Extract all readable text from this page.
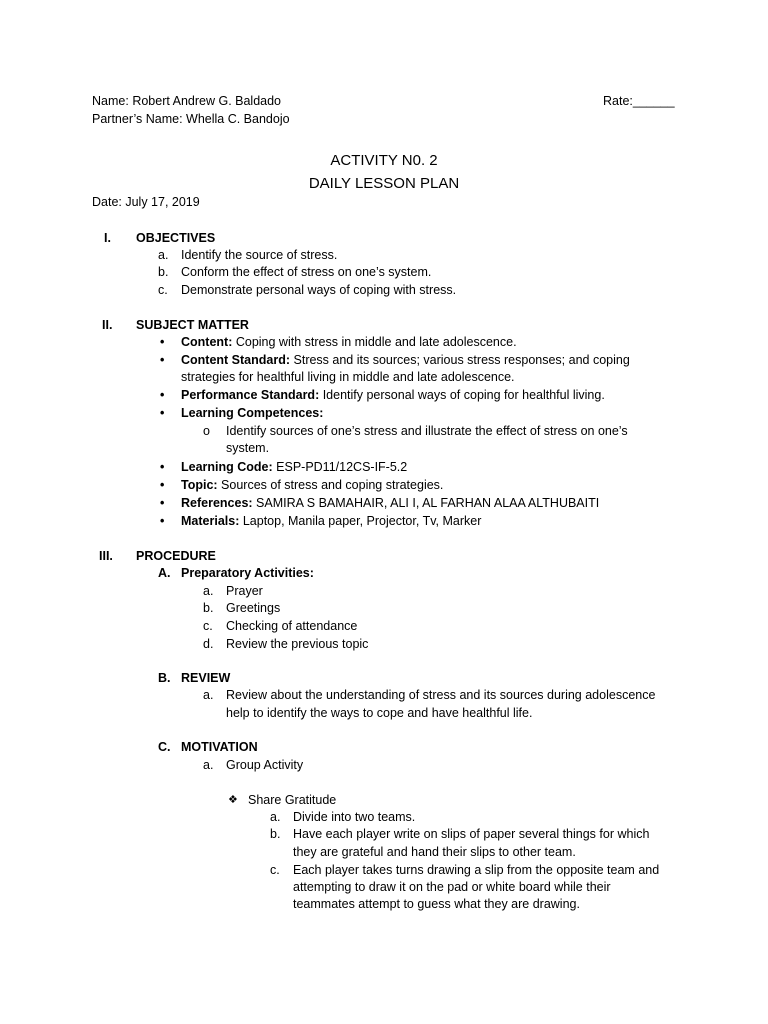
Name: Robert Andrew G. Baldado
Partner’s Name: Whella C. Bandojo
Rate:______
ACTIVITY N0. 2
DAILY LESSON PLAN
Date: July 17, 2019
I. OBJECTIVES
a. Identify the source of stress.
b. Conform the effect of stress on one’s system.
c. Demonstrate personal ways of coping with stress.
II. SUBJECT MATTER
• Content: Coping with stress in middle and late adolescence.
• Content Standard: Stress and its sources; various stress responses; and coping
strategies for healthful living in middle and late adolescence.
• Performance Standard: Identify personal ways of coping for healthful living.
• Learning Competences:
o Identify sources of one’s stress and illustrate the effect of stress on one’s
system.
• Learning Code: ESP-PD11/12CS-IF-5.2
• Topic: Sources of stress and coping strategies.
• References: SAMIRA S BAMAHAIR, ALI I, AL FARHAN ALAA ALTHUBAITI
• Materials: Laptop, Manila paper, Projector, Tv, Marker
III. PROCEDURE
A. Preparatory Activities:
a. Prayer
b. Greetings
c. Checking of attendance
d. Review the previous topic
B. REVIEW
a. Review about the understanding of stress and its sources during adolescence
help to identify the ways to cope and have healthful life.
C. MOTIVATION
a. Group Activity
❖ Share Gratitude
a. Divide into two teams.
b. Have each player write on slips of paper several things for which
they are grateful and hand their slips to other team.
c. Each player takes turns drawing a slip from the opposite team and
attempting to draw it on the pad or white board while their
teammates attempt to guess what they are drawing.
